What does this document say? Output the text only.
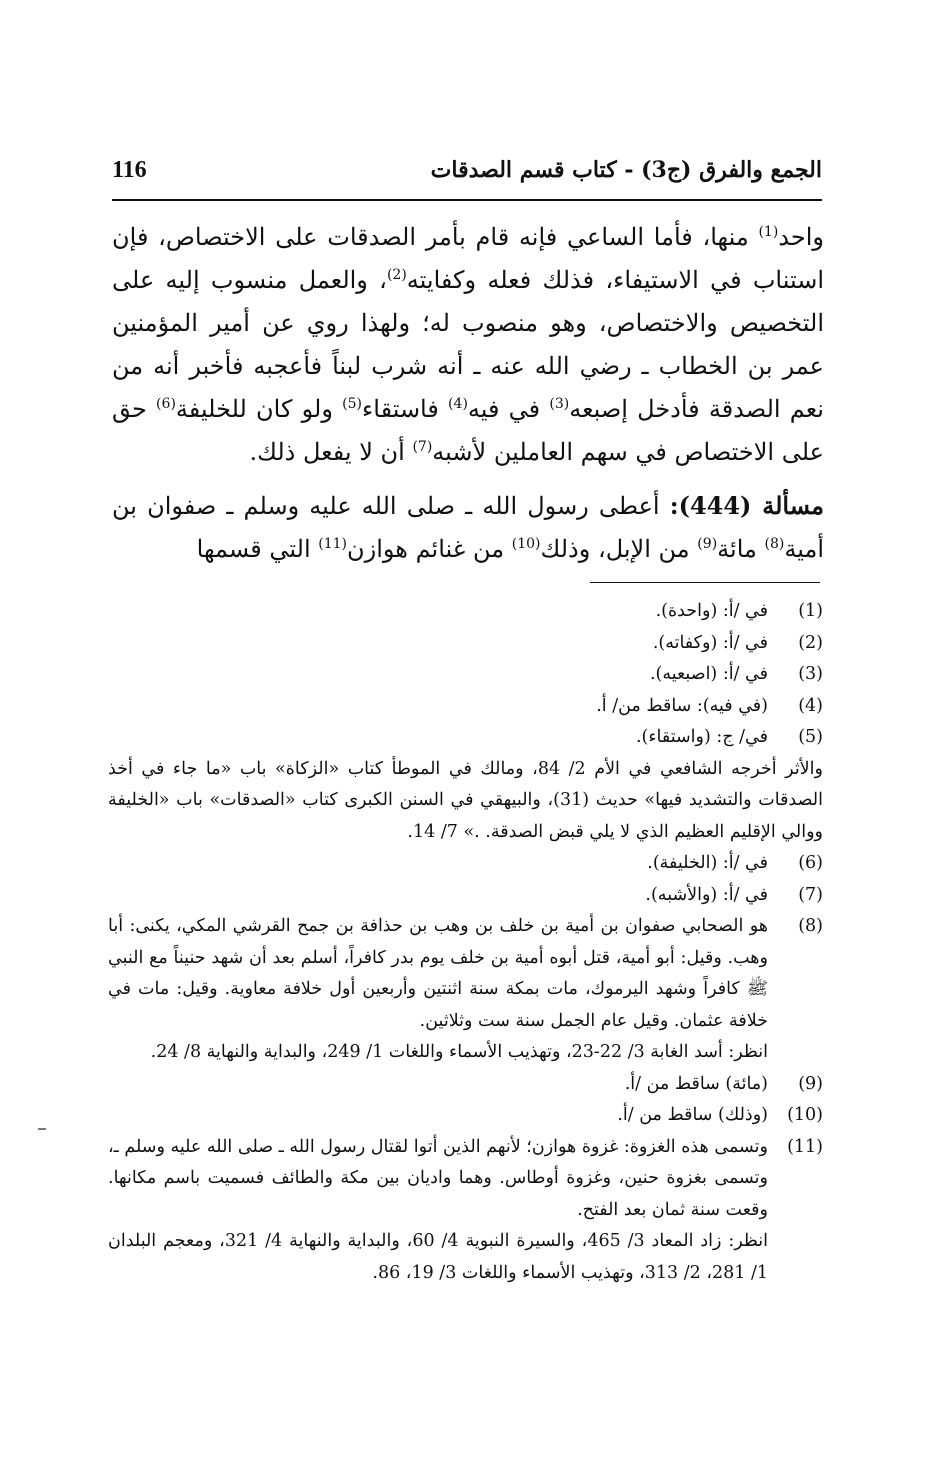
116	الجمع والفرق (ج3) - كتاب قسم الصدقات

واحد$^{(1)}$ منها، فأما الساعي فإنه قام بأمر الصدقات على الاختصاص، فإن استناب في الاستيفاء، فذلك فعله وكفايته$^{(2)}$، والعمل منسوب إليه على التخصيص والاختصاص، وهو منصوب له؛ ولهذا روي عن أمير المؤمنين عمر بن الخطاب ـ رضي الله عنه ـ أنه شرب لبناً فأعجبه فأخبر أنه من نعم الصدقة فأدخل إصبعه$^{(3)}$ في فيه$^{(4)}$ فاستقاء$^{(5)}$ ولو كان للخليفة$^{(6)}$ حق على الاختصاص في سهم العاملين لأشبه$^{(7)}$ أن لا يفعل ذلك.

مسألة (444): أعطى رسول الله ـ صلى الله عليه وسلم ـ صفوان بن أمية$^{(8)}$ مائة$^{(9)}$ من الإبل، وذلك$^{(10)}$ من غنائم هوازن$^{(11)}$ التي قسمها

(1)
في /أ: (واحدة).
(2)
في /أ: (وكفاته).
(3)
في /أ: (اصبعيه).
(4)
(في فيه): ساقط من/ أ.
(5)
في/ ج: (واستقاء).
والأثر أخرجه الشافعي في الأم 2/ 84، ومالك في الموطأ كتاب «الزكاة» باب «ما جاء في أخذ الصدقات والتشديد فيها» حديث (31)، والبيهقي في السنن الكبرى كتاب «الصدقات» باب «الخليفة ووالي الإقليم العظيم الذي لا يلي قبض الصدقة. .» 7/ 14.
(6)
في /أ: (الخليفة).
(7)
في /أ: (والأشبه).
(8)
هو الصحابي صفوان بن أمية بن خلف بن وهب بن حذافة بن جمح القرشي المكي، يكنى: أبا وهب. وقيل: أبو أمية، قتل أبوه أمية بن خلف يوم بدر كافراً، أسلم بعد أن شهد حنيناً مع النبي ﷺ كافراً وشهد اليرموك، مات بمكة سنة اثنتين وأربعين أول خلافة معاوية. وقيل: مات في خلافة عثمان. وقيل عام الجمل سنة ست وثلاثين.
انظر: أسد الغابة 3/ 22-23، وتهذيب الأسماء واللغات 1/ 249، والبداية والنهاية 8/ 24.
(9)
(مائة) ساقط من /أ.
(10)
(وذلك) ساقط من /أ.
(11)
وتسمى هذه الغزوة: غزوة هوازن؛ لأنهم الذين أتوا لقتال رسول الله ـ صلى الله عليه وسلم ـ، وتسمى بغزوة حنين، وغزوة أوطاس. وهما واديان بين مكة والطائف فسميت باسم مكانها. وقعت سنة ثمان بعد الفتح.
انظر: زاد المعاد 3/ 465، والسيرة النبوية 4/ 60، والبداية والنهاية 4/ 321، ومعجم البلدان 1/ 281، 2/ 313، وتهذيب الأسماء واللغات 3/ 19، 86.
